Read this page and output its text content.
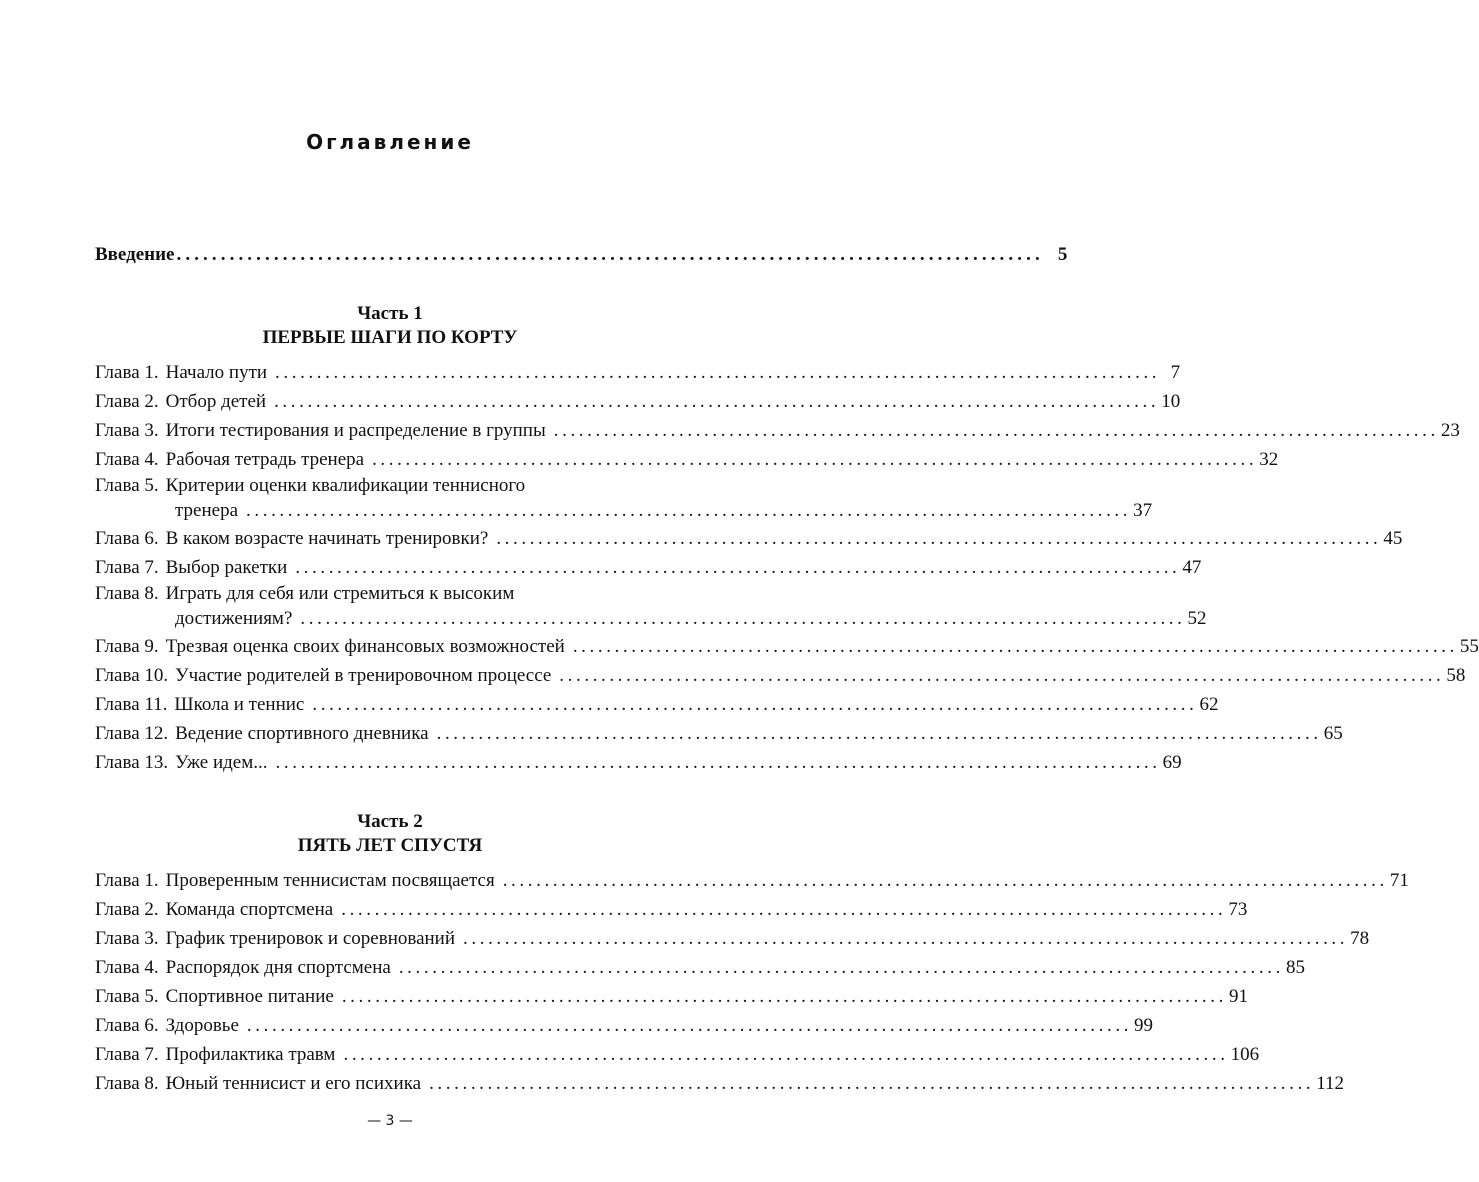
Оглавление
Введение .................................................................................................. 5
Часть 1
ПЕРВЫЕ ШАГИ ПО КОРТУ
Глава 1. Начало пути .......................................................................................................... 7
Глава 2. Отбор детей .......................................................................................................... 10
Глава 3. Итоги тестирования и распределение в группы .......................................................................................................... 23
Глава 4. Рабочая тетрадь тренера .......................................................................................................... 32
Глава 5. Критерии оценки квалификации теннисного
тренера .......................................................................................................... 37
Глава 6. В каком возрасте начинать тренировки? .......................................................................................................... 45
Глава 7. Выбор ракетки .......................................................................................................... 47
Глава 8. Играть для себя или стремиться к высоким
достижениям? .......................................................................................................... 52
Глава 9. Трезвая оценка своих финансовых возможностей .......................................................................................................... 55
Глава 10. Участие родителей в тренировочном процессе .......................................................................................................... 58
Глава 11. Школа и теннис .......................................................................................................... 62
Глава 12. Ведение спортивного дневника .......................................................................................................... 65
Глава 13. Уже идем... .......................................................................................................... 69
Часть 2
ПЯТЬ ЛЕТ СПУСТЯ
Глава 1. Проверенным теннисистам посвящается .......................................................................................................... 71
Глава 2. Команда спортсмена .......................................................................................................... 73
Глава 3. График тренировок и соревнований .......................................................................................................... 78
Глава 4. Распорядок дня спортсмена .......................................................................................................... 85
Глава 5. Спортивное питание .......................................................................................................... 91
Глава 6. Здоровье .......................................................................................................... 99
Глава 7. Профилактика травм .......................................................................................................... 106
Глава 8. Юный теннисист и его психика .......................................................................................................... 112
— 3 —
